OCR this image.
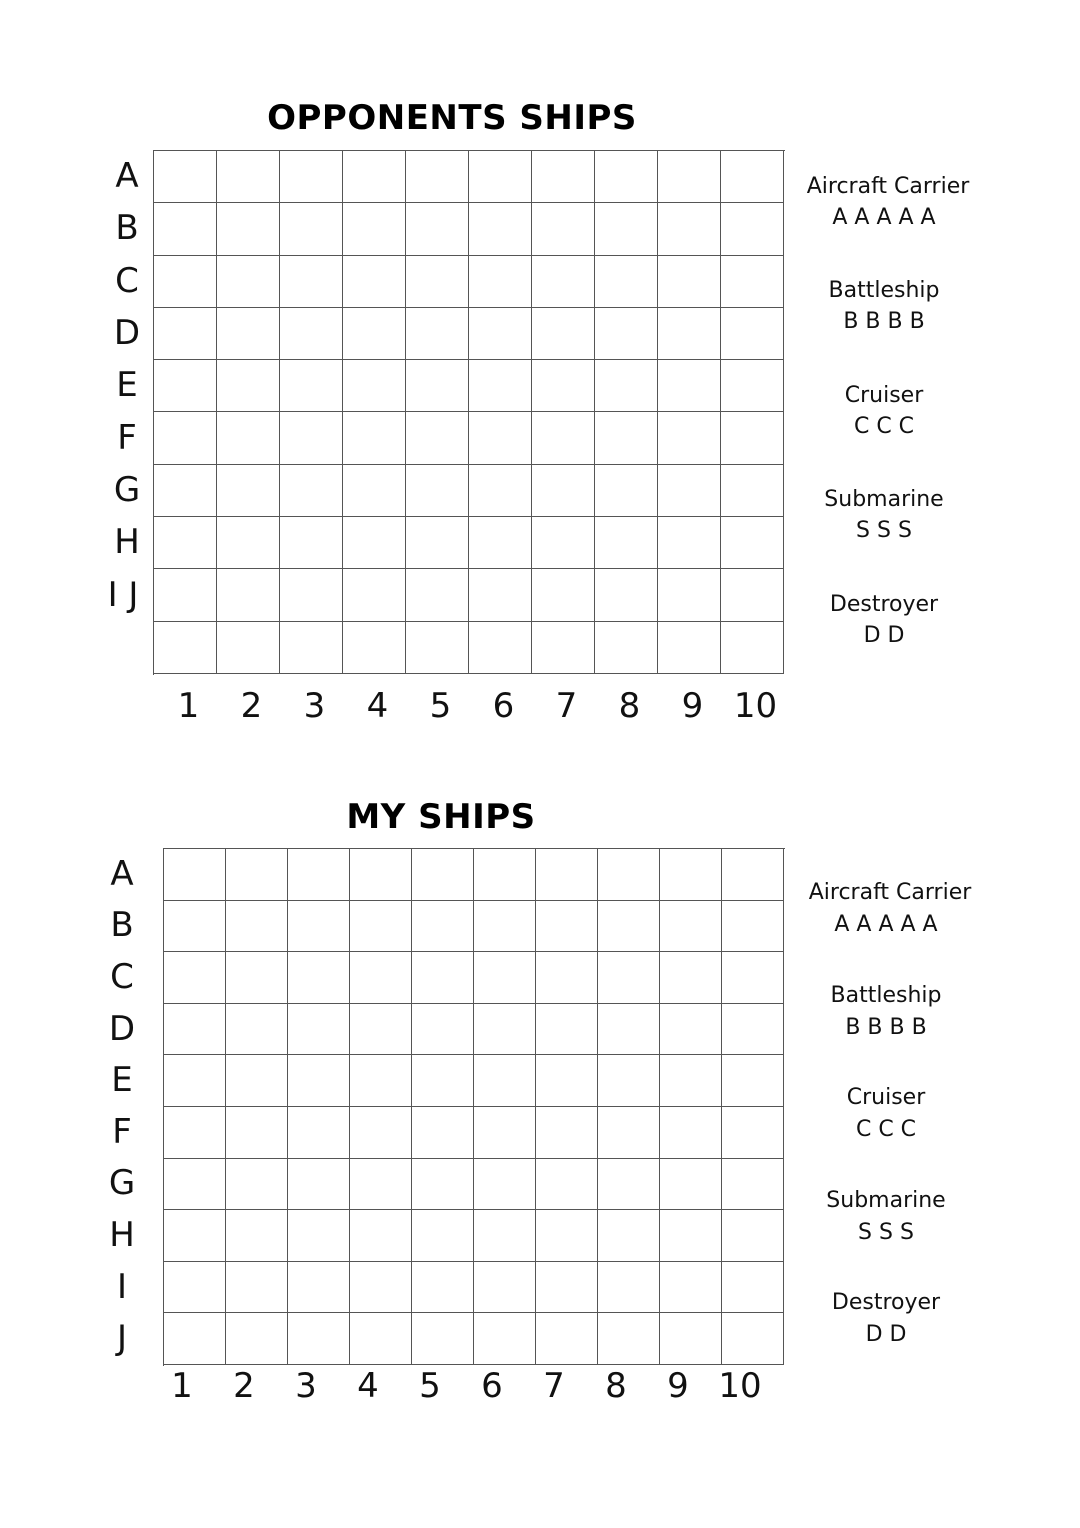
OPPONENTS SHIPS
A
B
C
D
E
F
G
H
I J
1 2 3 4 5 6 7 8 9 10
Aircraft Carrier
A A A A A
Battleship
B B B B
Cruiser
C C C
Submarine
S S S
Destroyer
D D
MY SHIPS
A
B
C
D
E
F
G
H
I
J
1 2 3 4 5 6 7 8 9 10
Aircraft Carrier
A A A A A
Battleship
B B B B
Cruiser
C C C
Submarine
S S S
Destroyer
D D
